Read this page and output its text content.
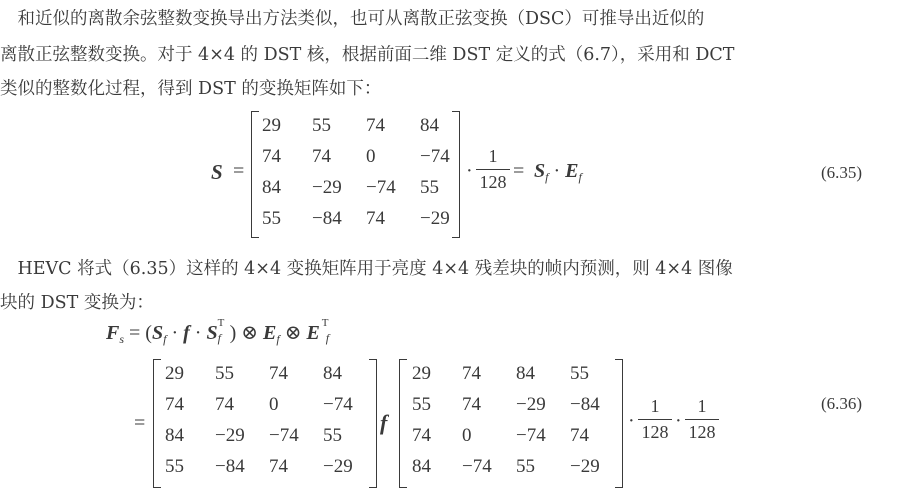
　和近似的离散余弦整数变换导出方法类似，也可从离散正弦变换（DSC）可推导出近似的
离散正弦整数变换。对于 4×4 的 DST 核，根据前面二维 DST 定义的式（6.7），采用和 DCT
类似的整数化过程，得到 DST 的变换矩阵如下：
S =
29 55 74 84
74 74 0 −74
84 −29 −74 55
55 −84 74 −29
·
1
$128 = S_f \cdot E_f$	(6.35)
　HEVC 将式（6.35）这样的 4×4 变换矩阵用于亮度 4×4 残差块的帧内预测，则 4×4 图像
块的 DST 变换为：
$F_s = (S_f \cdot f \cdot S$ T
f ) ⊗ $E_f$ ⊗ E T
f
=
29 55 74 84
74 74 0 −74
84 −29 −74 55
55 −84 74 −29
f
29 74 84 55
55 74 −29 −84
74 0 −74 74
84 −74 55 −29
·
1
128 ·
1
128
(6.36)
